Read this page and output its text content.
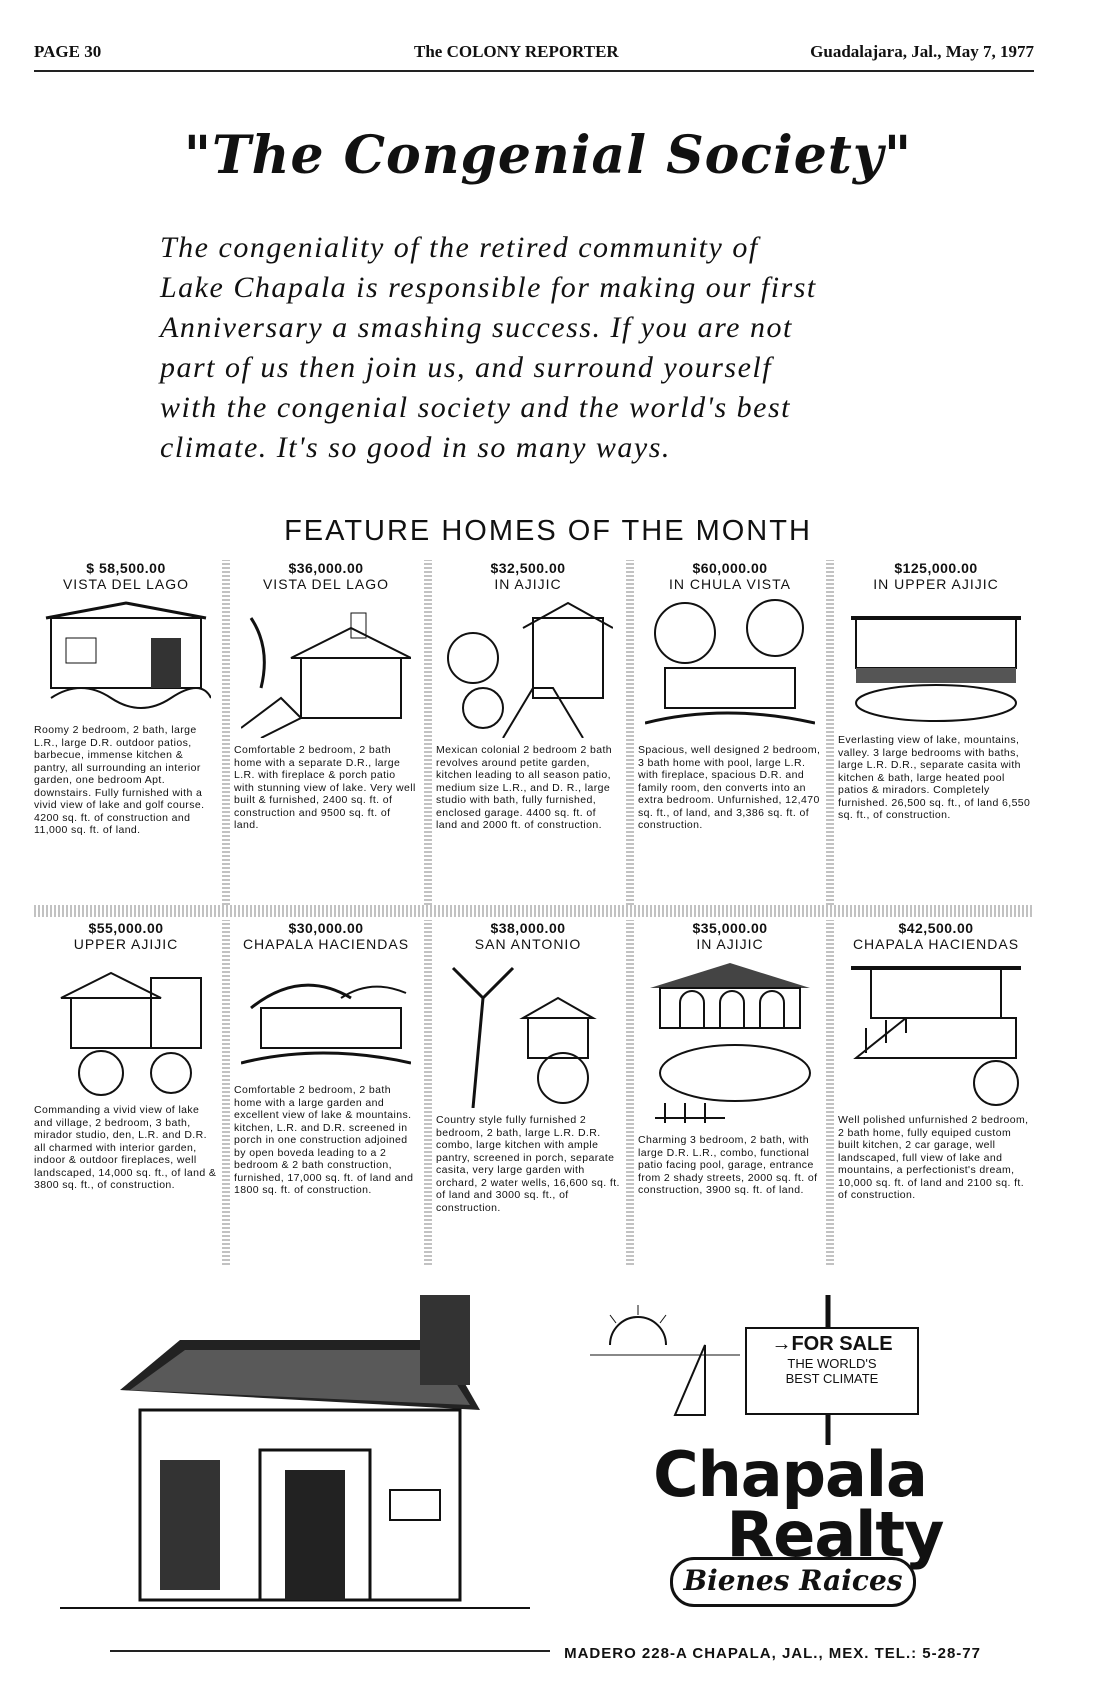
PAGE 30	The COLONY REPORTER	Guadalajara, Jal., May 7, 1977
"The Congenial Society"
The congeniality of the retired community of
Lake Chapala is responsible for making our first
Anniversary a smashing success. If you are not
part of us then join us, and surround yourself
with the congenial society and the world's best
climate. It's so good in so many ways.
FEATURE HOMES OF THE MONTH
$ 58,500.00
VISTA DEL LAGO
Roomy 2 bedroom, 2 bath, large L.R., large D.R. outdoor patios, barbecue, immense kitchen & pantry, all surrounding an interior garden, one bedroom Apt. downstairs. Fully furnished with a vivid view of lake and golf course. 4200 sq. ft. of construction and 11,000 sq. ft. of land.
$36,000.00
VISTA DEL LAGO
Comfortable 2 bedroom, 2 bath home with a separate D.R., large L.R. with fireplace & porch patio with stunning view of lake. Very well built & furnished, 2400 sq. ft. of construction and 9500 sq. ft. of land.
$32,500.00
IN AJIJIC
Mexican colonial 2 bedroom 2 bath revolves around petite garden, kitchen leading to all season patio, medium size L.R., and D. R., large studio with bath, fully furnished, enclosed garage. 4400 sq. ft. of land and 2000 ft. of construction.
$60,000.00
IN CHULA VISTA
Spacious, well designed 2 bedroom, 3 bath home with pool, large L.R. with fireplace, spacious D.R. and family room, den converts into an extra bedroom. Unfurnished, 12,470 sq. ft., of land, and 3,386 sq. ft. of construction.
$125,000.00
IN UPPER AJIJIC
Everlasting view of lake, mountains, valley. 3 large bedrooms with baths, large L.R. D.R., separate casita with kitchen & bath, large heated pool patios & miradors. Completely furnished. 26,500 sq. ft., of land 6,550 sq. ft., of construction.
$55,000.00
UPPER AJIJIC
Commanding a vivid view of lake and village, 2 bedroom, 3 bath, mirador studio, den, L.R. and D.R. all charmed with interior garden, indoor & outdoor fireplaces, well landscaped, 14,000 sq. ft., of land & 3800 sq. ft., of construction.
$30,000.00
CHAPALA HACIENDAS
Comfortable 2 bedroom, 2 bath home with a large garden and excellent view of lake & mountains. kitchen, L.R. and D.R. screened in porch in one construction adjoined by open boveda leading to a 2 bedroom & 2 bath construction, furnished, 17,000 sq. ft. of land and 1800 sq. ft. of construction.
$38,000.00
SAN ANTONIO
Country style fully furnished 2 bedroom, 2 bath, large L.R. D.R. combo, large kitchen with ample pantry, screened in porch, separate casita, very large garden with orchard, 2 water wells, 16,600 sq. ft. of land and 3000 sq. ft., of construction.
$35,000.00
IN AJIJIC
Charming 3 bedroom, 2 bath, with large D.R. L.R., combo, functional patio facing pool, garage, entrance from 2 shady streets, 2000 sq. ft. of construction, 3900 sq. ft. of land.
$42,500.00
CHAPALA HACIENDAS
Well polished unfurnished 2 bedroom, 2 bath home, fully equiped custom built kitchen, 2 car garage, well landscaped, full view of lake and mountains, a perfectionist's dream, 10,000 sq. ft. of land and 2100 sq. ft. of construction.
→FOR SALE
THE WORLD'S
BEST CLIMATE
Chapala
Realty
Bienes Raices
MADERO 228-A CHAPALA, JAL., MEX. TEL.: 5-28-77
